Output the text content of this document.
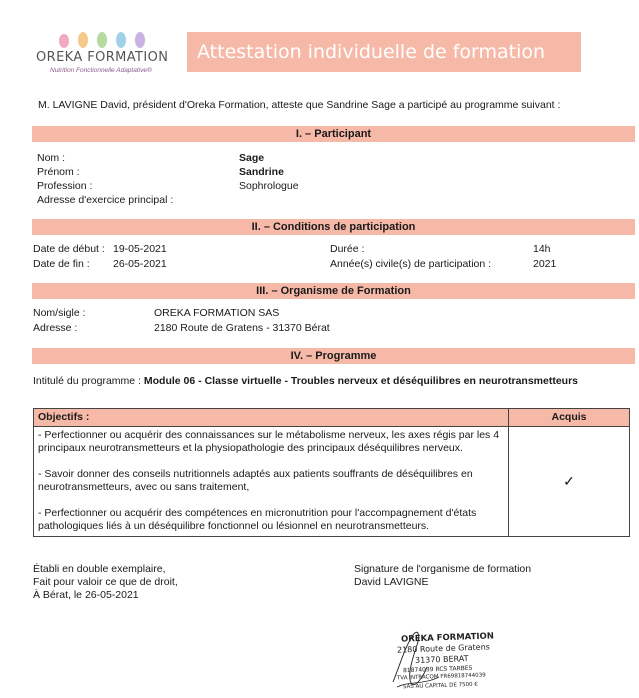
OREKA FORMATION
Nutrition Fonctionnelle Adaptative®
Attestation individuelle de formation
M. LAVIGNE David, président d'Oreka Formation, atteste que Sandrine Sage a participé au programme suivant :
I. – Participant
Nom :	Sage
Prénom :	Sandrine
Profession :	Sophrologue
Adresse d'exercice principal :
II. – Conditions de participation
Date de début : 19-05-2021
Date de fin : 26-05-2021
Durée :	14h
Année(s) civile(s) de participation :	2021
III. – Organisme de Formation
Nom/sigle :	OREKA FORMATION SAS
Adresse :	2180 Route de Gratens - 31370 Bérat
IV. – Programme
Intitulé du programme : Module 06 - Classe virtuelle - Troubles nerveux et déséquilibres en neurotransmetteurs
Objectifs :	Acquis

- Perfectionner ou acquérir des connaissances sur le métabolisme nerveux, les axes régis par les 4 principaux neurotransmetteurs et la physiopathologie des principaux déséquilibres nerveux.
- Savoir donner des conseils nutritionnels adaptés aux patients souffrants de déséquilibres en neurotransmetteurs, avec ou sans traitement,
- Perfectionner ou acquérir des compétences en micronutrition pour l'accompagnement d'états pathologiques liés à un déséquilibre fonctionnel ou lésionnel en neurotransmetteurs.	✓
Établi en double exemplaire,
Fait pour valoir ce que de droit,
À Bérat, le 26-05-2021
Signature de l'organisme de formation
David LAVIGNE
OREKA FORMATION
2180 Route de Gratens
31370 BERAT
81874039 RCS TARBES
TVA INTRACOM FR69818744039
SAS AU CAPITAL DE 7500 €
